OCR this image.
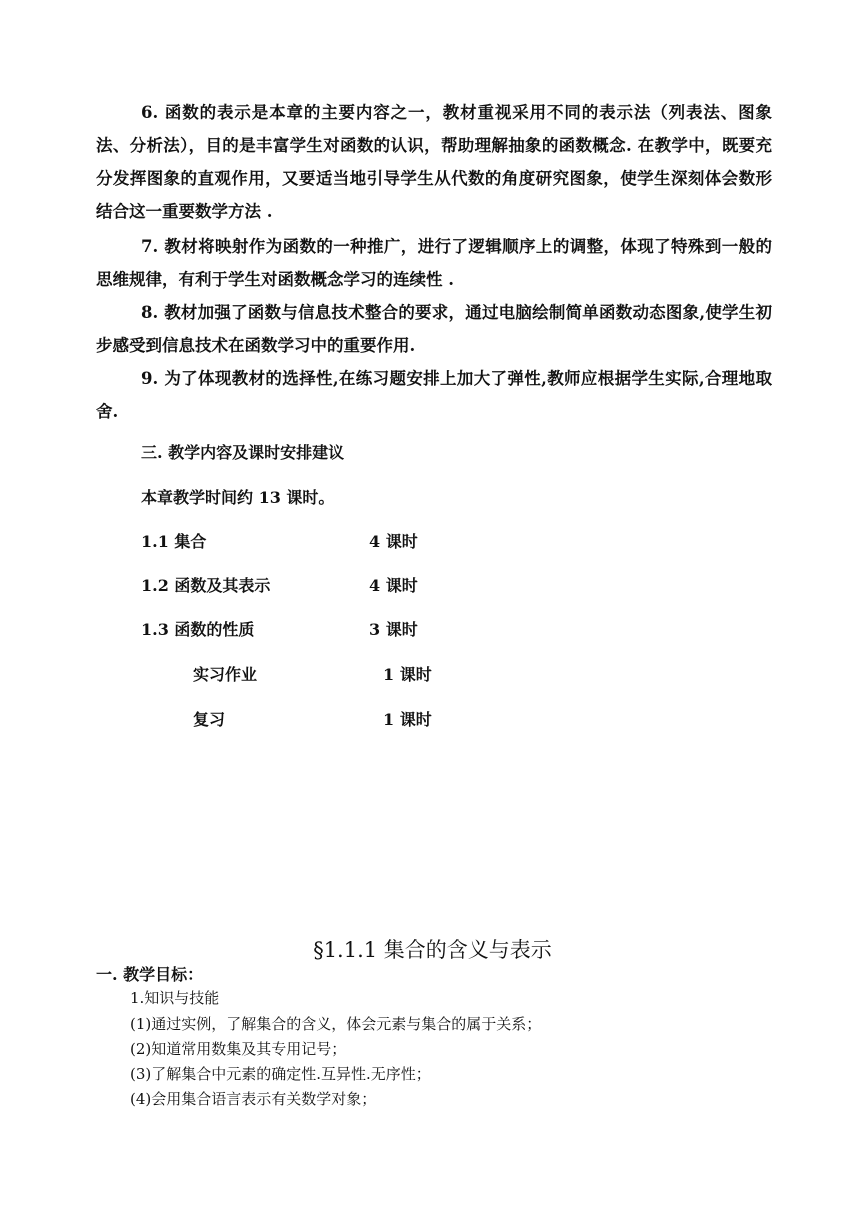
6. 函数的表示是本章的主要内容之一，教材重视采用不同的表示法（列表法、图象法、分析法），目的是丰富学生对函数的认识，帮助理解抽象的函数概念. 在教学中，既要充分发挥图象的直观作用，又要适当地引导学生从代数的角度研究图象，使学生深刻体会数形结合这一重要数学方法 .

7. 教材将映射作为函数的一种推广，进行了逻辑顺序上的调整，体现了特殊到一般的思维规律，有利于学生对函数概念学习的连续性 .

8. 教材加强了函数与信息技术整合的要求，通过电脑绘制简单函数动态图象,使学生初步感受到信息技术在函数学习中的重要作用.

9. 为了体现教材的选择性,在练习题安排上加大了弹性,教师应根据学生实际,合理地取舍.

三. 教学内容及课时安排建议
本章教学时间约 13 课时。
1.1 集合	4 课时
1.2 函数及其表示	4 课时
1.3 函数的性质	3 课时
实习作业	1 课时
复习	1 课时
§1.1.1 集合的含义与表示
一. 教学目标：
1.知识与技能
(1)通过实例，了解集合的含义，体会元素与集合的属于关系；
(2)知道常用数集及其专用记号；
(3)了解集合中元素的确定性.互异性.无序性；
(4)会用集合语言表示有关数学对象；
